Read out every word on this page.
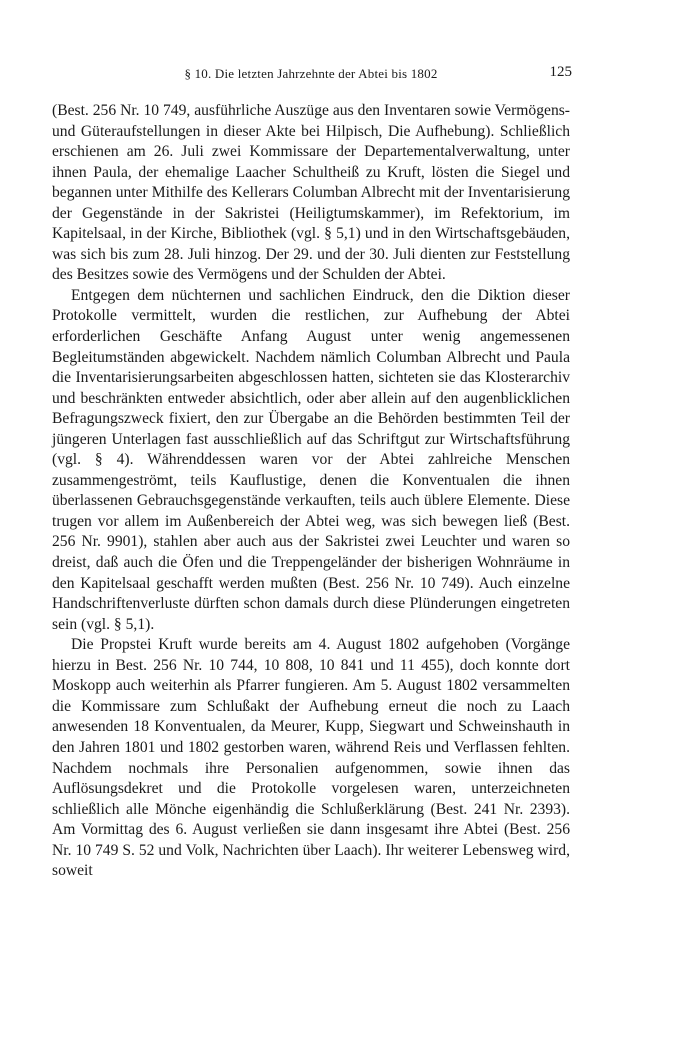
§ 10. Die letzten Jahrzehnte der Abtei bis 1802	125

(Best. 256 Nr. 10 749, ausführliche Auszüge aus den Inventaren sowie Vermögens- und Güteraufstellungen in dieser Akte bei Hilpisch, Die Aufhebung). Schließlich erschienen am 26. Juli zwei Kommissare der Departementalverwaltung, unter ihnen Paula, der ehemalige Laacher Schultheiß zu Kruft, lösten die Siegel und begannen unter Mithilfe des Kellerars Columban Albrecht mit der Inventarisierung der Gegenstände in der Sakristei (Heiligtumskammer), im Refektorium, im Kapitelsaal, in der Kirche, Bibliothek (vgl. § 5,1) und in den Wirtschaftsgebäuden, was sich bis zum 28. Juli hinzog. Der 29. und der 30. Juli dienten zur Feststellung des Besitzes sowie des Vermögens und der Schulden der Abtei.

Entgegen dem nüchternen und sachlichen Eindruck, den die Diktion dieser Protokolle vermittelt, wurden die restlichen, zur Aufhebung der Abtei erforderlichen Geschäfte Anfang August unter wenig angemessenen Begleitumständen abgewickelt. Nachdem nämlich Columban Albrecht und Paula die Inventarisierungsarbeiten abgeschlossen hatten, sichteten sie das Klosterarchiv und beschränkten entweder absichtlich, oder aber allein auf den augenblicklichen Befragungszweck fixiert, den zur Übergabe an die Behörden bestimmten Teil der jüngeren Unterlagen fast ausschließlich auf das Schriftgut zur Wirtschaftsführung (vgl. § 4). Währenddessen waren vor der Abtei zahlreiche Menschen zusammengeströmt, teils Kauflustige, denen die Konventualen die ihnen überlassenen Gebrauchsgegenstände verkauften, teils auch üblere Elemente. Diese trugen vor allem im Außenbereich der Abtei weg, was sich bewegen ließ (Best. 256 Nr. 9901), stahlen aber auch aus der Sakristei zwei Leuchter und waren so dreist, daß auch die Öfen und die Treppengeländer der bisherigen Wohnräume in den Kapitelsaal geschafft werden mußten (Best. 256 Nr. 10 749). Auch einzelne Handschriftenverluste dürften schon damals durch diese Plünderungen eingetreten sein (vgl. § 5,1).

Die Propstei Kruft wurde bereits am 4. August 1802 aufgehoben (Vorgänge hierzu in Best. 256 Nr. 10 744, 10 808, 10 841 und 11 455), doch konnte dort Moskopp auch weiterhin als Pfarrer fungieren. Am 5. August 1802 versammelten die Kommissare zum Schlußakt der Aufhebung erneut die noch zu Laach anwesenden 18 Konventualen, da Meurer, Kupp, Siegwart und Schweinshauth in den Jahren 1801 und 1802 gestorben waren, während Reis und Verflassen fehlten. Nachdem nochmals ihre Personalien aufgenommen, sowie ihnen das Auflösungsdekret und die Protokolle vorgelesen waren, unterzeichneten schließlich alle Mönche eigenhändig die Schlußerklärung (Best. 241 Nr. 2393). Am Vormittag des 6. August verließen sie dann insgesamt ihre Abtei (Best. 256 Nr. 10 749 S. 52 und Volk, Nachrichten über Laach). Ihr weiterer Lebensweg wird, soweit
